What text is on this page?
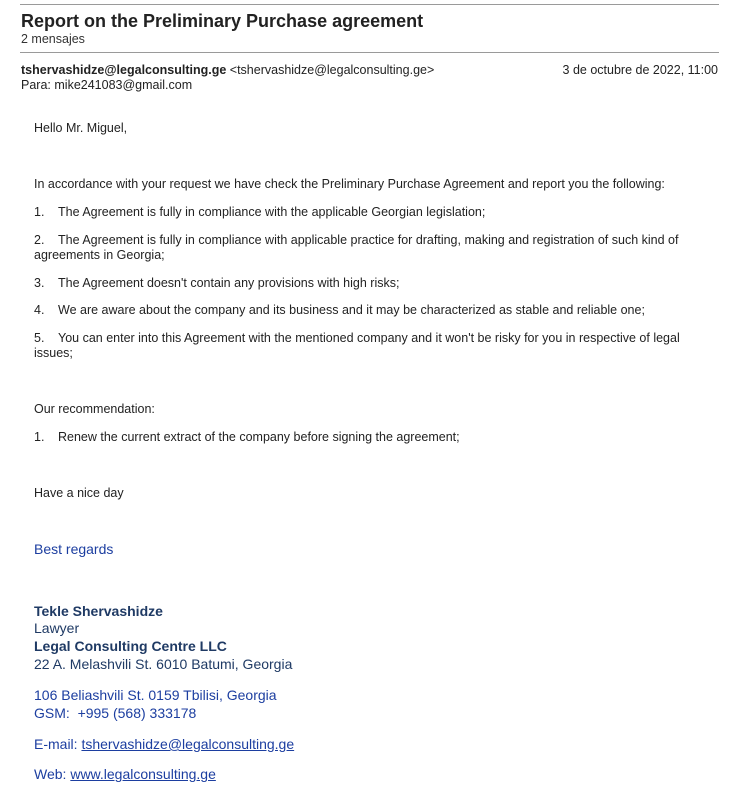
Report on the Preliminary Purchase agreement
2 mensajes
tshervashidze@legalconsulting.ge <tshervashidze@legalconsulting.ge>	3 de octubre de 2022, 11:00
Para: mike241083@gmail.com
Hello Mr. Miguel,
In accordance with your request we have check the Preliminary Purchase Agreement and report you the following:
1. The Agreement is fully in compliance with the applicable Georgian legislation;
2. The Agreement is fully in compliance with applicable practice for drafting, making and registration of such kind of agreements in Georgia;
3. The Agreement doesn't contain any provisions with high risks;
4. We are aware about the company and its business and it may be characterized as stable and reliable one;
5. You can enter into this Agreement with the mentioned company and it won't be risky for you in respective of legal issues;
Our recommendation:
1. Renew the current extract of the company before signing the agreement;
Have a nice day
Best regards
Tekle Shervashidze
Lawyer
Legal Consulting Centre LLC
22 A. Melashvili St. 6010 Batumi, Georgia
106 Beliashvili St. 0159 Tbilisi, Georgia
GSM: +995 (568) 333178
E-mail: tshervashidze@legalconsulting.ge
Web: www.legalconsulting.ge
